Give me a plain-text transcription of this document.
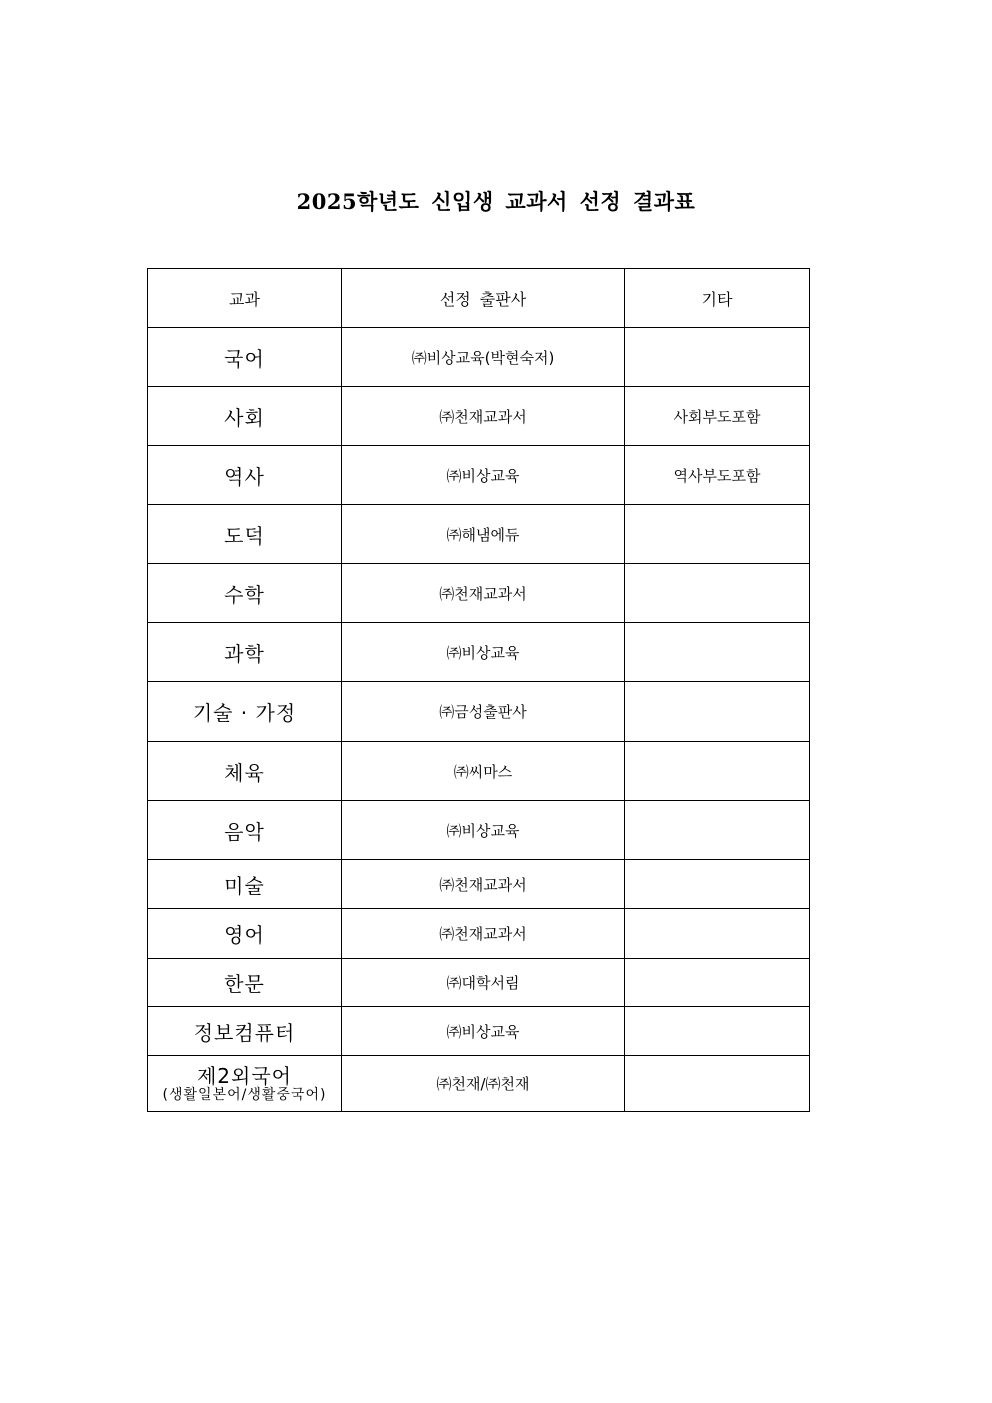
2025학년도 신입생 교과서 선정 결과표
교과	선정 출판사	기타
국어	㈜비상교육(박현숙저)	
사회	㈜천재교과서	사회부도포함
역사	㈜비상교육	역사부도포함
도덕	㈜해냄에듀	
수학	㈜천재교과서	
과학	㈜비상교육	
기술 · 가정	㈜금성출판사	
체육	㈜씨마스	
음악	㈜비상교육	
미술	㈜천재교과서	
영어	㈜천재교과서	
한문	㈜대학서림	
정보컴퓨터	㈜비상교육	

제2외국어
(생활일본어/생활중국어)	㈜천재/㈜천재	
